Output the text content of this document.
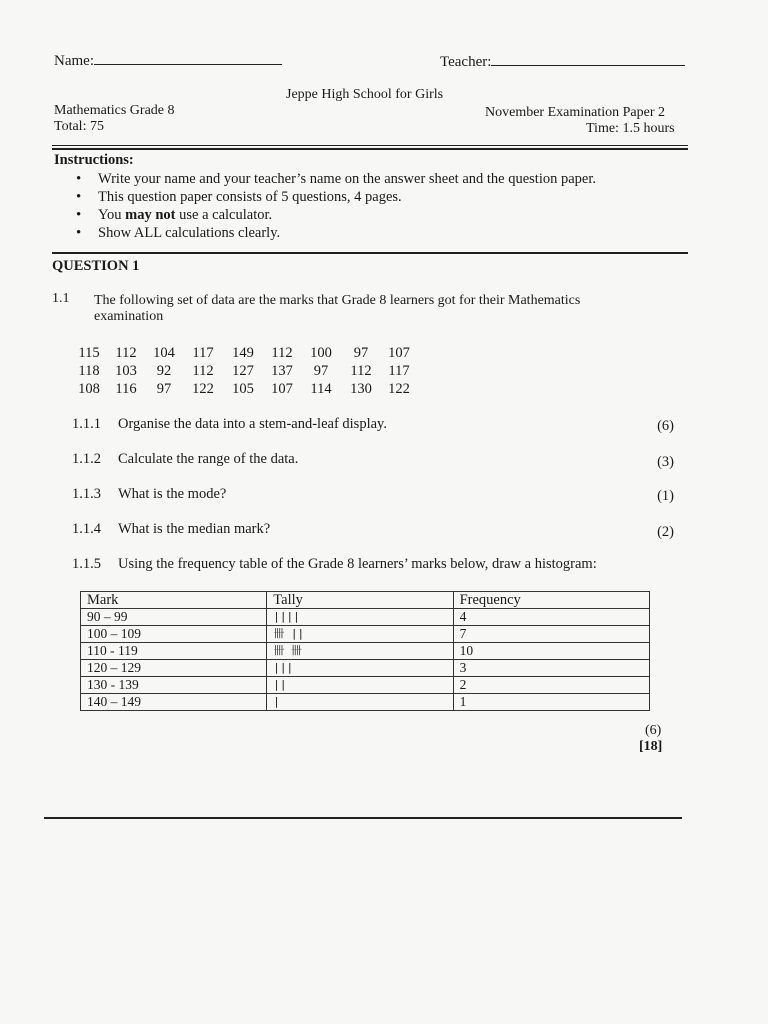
Name:	Teacher:
Jeppe High School for Girls
Mathematics Grade 8
Total: 75
November Examination Paper 2
Time: 1.5 hours
Instructions:
• Write your name and your teacher’s name on the answer sheet and the question paper.
• This question paper consists of 5 questions, 4 pages.
• You may not use a calculator.
• Show ALL calculations clearly.
QUESTION 1
1.1 The following set of data are the marks that Grade 8 learners got for their Mathematics
examination
115 112 104 117 149 112 100 97 107
118 103 92 112 127 137 97 112 117
108 116 97 122 105 107 114 130 122
1.1.1 Organise the data into a stem-and-leaf display.	(6)
1.1.2 Calculate the range of the data.	(3)
1.1.3 What is the mode?	(1)
1.1.4 What is the median mark?	(2)
1.1.5 Using the frequency table of the Grade 8 learners’ marks below, draw a histogram:
Mark	Tally	Frequency
90 – 99	||||	4
100 – 109	卌 ||	7
110 - 119	卌 卌	10
120 – 129	|||	3
130 - 139	||	2
140 – 149	|	1
(6)
[18]
